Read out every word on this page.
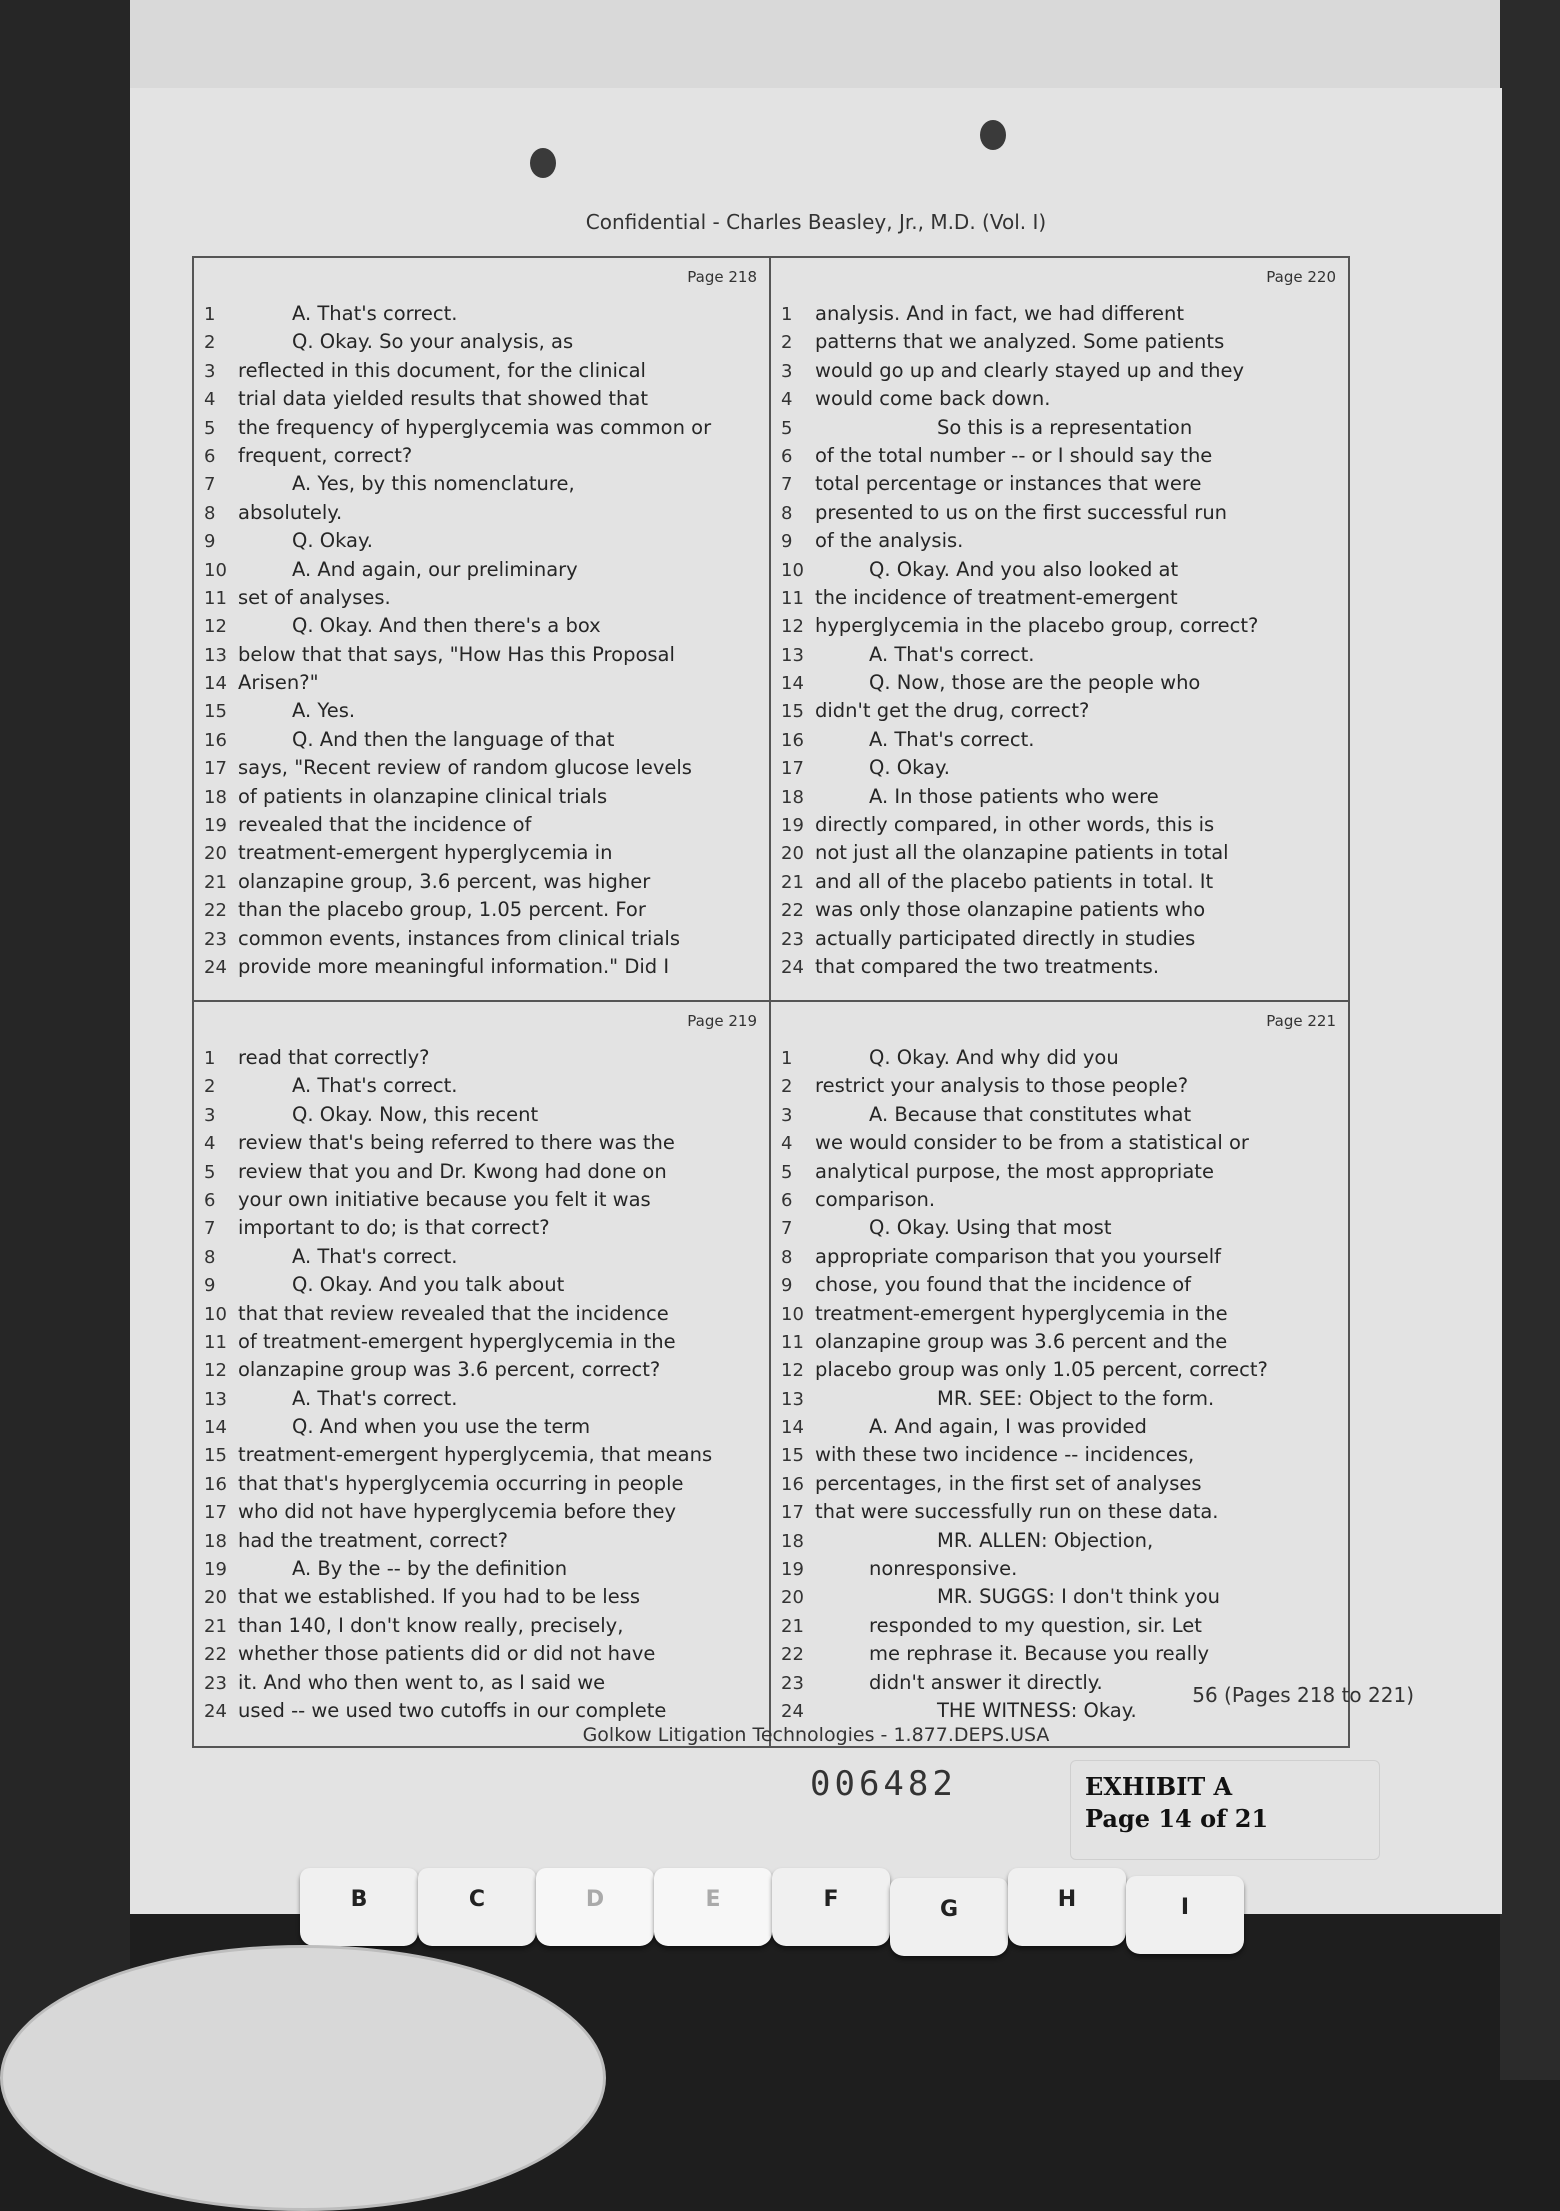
Confidential - Charles Beasley, Jr., M.D. (Vol. I)
Page 218
1	A. That's correct.
2	Q. Okay. So your analysis, as
3	reflected in this document, for the clinical
4	trial data yielded results that showed that
5	the frequency of hyperglycemia was common or
6	frequent, correct?
7	A. Yes, by this nomenclature,
8	absolutely.
9	Q. Okay.
10	A. And again, our preliminary
11 set of analyses.
12	Q. Okay. And then there's a box
13 below that that says, "How Has this Proposal
14 Arisen?"
15	A. Yes.
16	Q. And then the language of that
17 says, "Recent review of random glucose levels
18 of patients in olanzapine clinical trials
19 revealed that the incidence of
20 treatment-emergent hyperglycemia in
21 olanzapine group, 3.6 percent, was higher
22 than the placebo group, 1.05 percent. For
23 common events, instances from clinical trials
24 provide more meaningful information." Did I
Page 220
1	analysis. And in fact, we had different
2	patterns that we analyzed. Some patients
3	would go up and clearly stayed up and they
4	would come back down.
5	So this is a representation
6	of the total number -- or I should say the
7	total percentage or instances that were
8	presented to us on the first successful run
9	of the analysis.
10	Q. Okay. And you also looked at
11 the incidence of treatment-emergent
12 hyperglycemia in the placebo group, correct?
13	A. That's correct.
14	Q. Now, those are the people who
15 didn't get the drug, correct?
16	A. That's correct.
17	Q. Okay.
18	A. In those patients who were
19 directly compared, in other words, this is
20 not just all the olanzapine patients in total
21 and all of the placebo patients in total. It
22 was only those olanzapine patients who
23 actually participated directly in studies
24 that compared the two treatments.
Page 219
1	read that correctly?
2	A. That's correct.
3	Q. Okay. Now, this recent
4	review that's being referred to there was the
5	review that you and Dr. Kwong had done on
6	your own initiative because you felt it was
7	important to do; is that correct?
8	A. That's correct.
9	Q. Okay. And you talk about
10 that that review revealed that the incidence
11 of treatment-emergent hyperglycemia in the
12 olanzapine group was 3.6 percent, correct?
13	A. That's correct.
14	Q. And when you use the term
15 treatment-emergent hyperglycemia, that means
16 that that's hyperglycemia occurring in people
17 who did not have hyperglycemia before they
18 had the treatment, correct?
19	A. By the -- by the definition
20 that we established. If you had to be less
21 than 140, I don't know really, precisely,
22 whether those patients did or did not have
23 it. And who then went to, as I said we
24 used -- we used two cutoffs in our complete
Page 221
1	Q. Okay. And why did you
2	restrict your analysis to those people?
3	A. Because that constitutes what
4	we would consider to be from a statistical or
5	analytical purpose, the most appropriate
6	comparison.
7	Q. Okay. Using that most
8	appropriate comparison that you yourself
9	chose, you found that the incidence of
10 treatment-emergent hyperglycemia in the
11 olanzapine group was 3.6 percent and the
12 placebo group was only 1.05 percent, correct?
13	MR. SEE: Object to the form.
14	A. And again, I was provided
15 with these two incidence -- incidences,
16 percentages, in the first set of analyses
17 that were successfully run on these data.
18	MR. ALLEN: Objection,
19	nonresponsive.
20	MR. SUGGS: I don't think you
21	responded to my question, sir. Let
22	me rephrase it. Because you really
23	didn't answer it directly.
24	THE WITNESS: Okay.
56 (Pages 218 to 221)
Golkow Litigation Technologies - 1.877.DEPS.USA
006482	EXHIBIT A
Page 14 of 21
B	C	D	E	F	G	H	I
